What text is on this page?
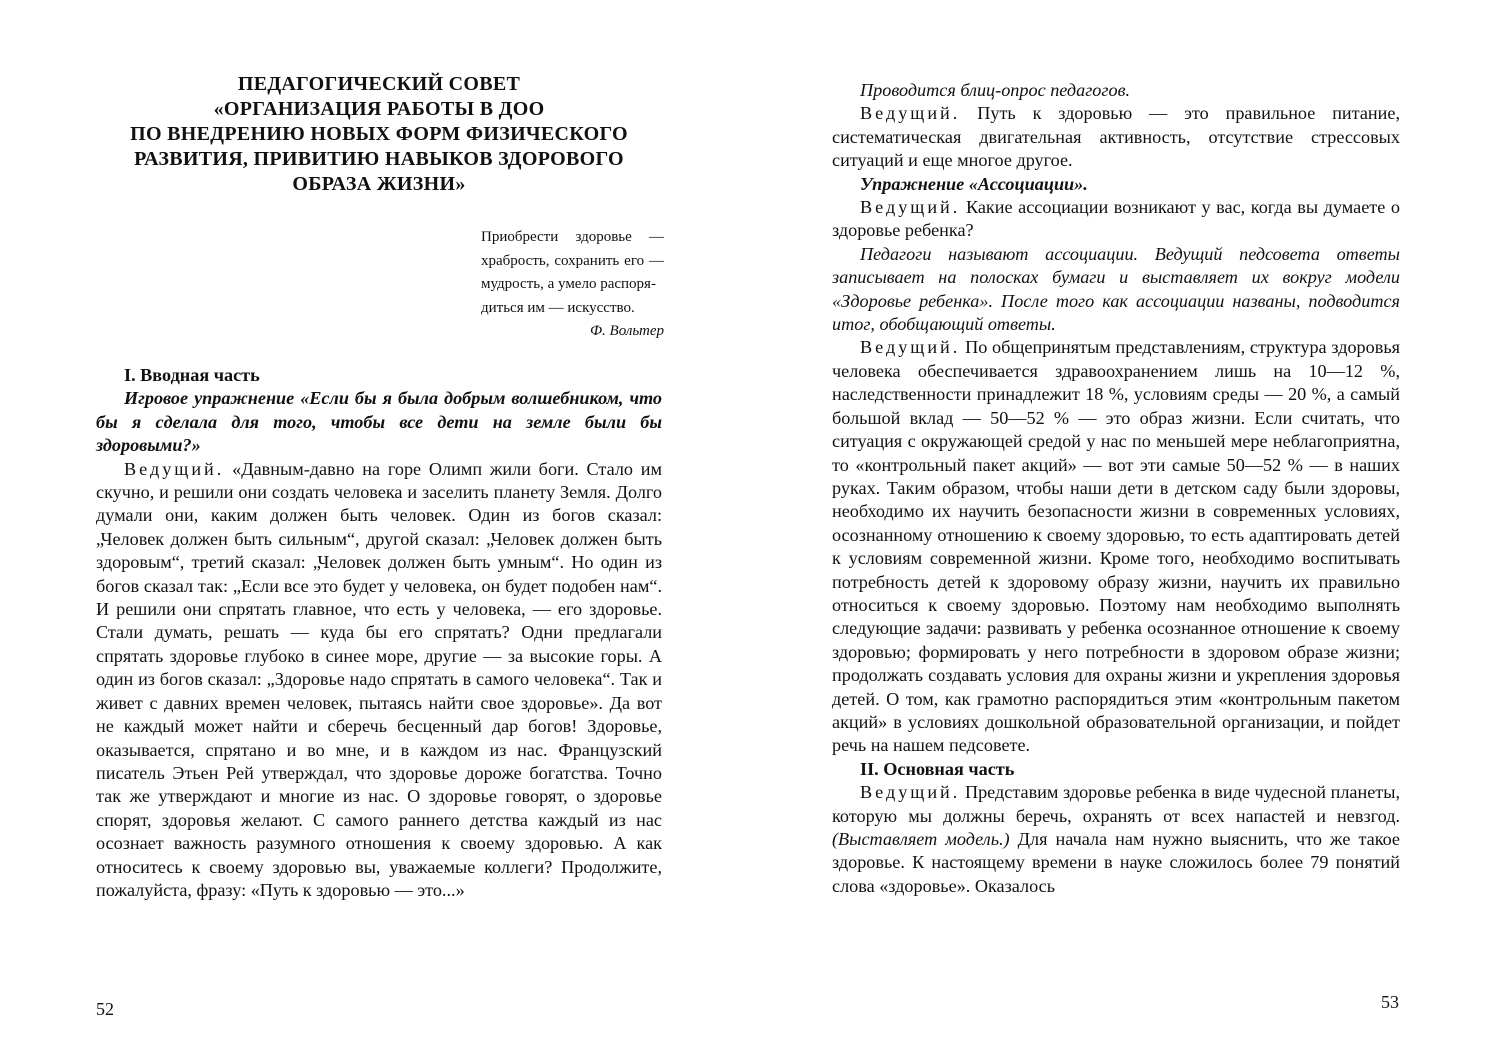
ПЕДАГОГИЧЕСКИЙ СОВЕТ
«ОРГАНИЗАЦИЯ РАБОТЫ В ДОО
ПО ВНЕДРЕНИЮ НОВЫХ ФОРМ ФИЗИЧЕСКОГО
РАЗВИТИЯ, ПРИВИТИЮ НАВЫКОВ ЗДОРОВОГО
ОБРАЗА ЖИЗНИ»
Приобрести здоровье — храбрость, сохранить его — мудрость, а умело распоря-
диться им — искусство.
Ф. Вольтер

I. Вводная часть

Игровое упражнение «Если бы я была добрым волшебником, что бы я сделала для того, чтобы все дети на земле были бы здоровыми?»

Ведущий. «Давным-давно на горе Олимп жили боги. Стало им скучно, и решили они создать человека и заселить планету Земля. Долго думали они, каким должен быть человек. Один из богов сказал: „Человек должен быть сильным“, другой сказал: „Человек должен быть здоровым“, третий сказал: „Человек должен быть умным“. Но один из богов сказал так: „Если все это будет у человека, он будет подобен нам“. И решили они спрятать главное, что есть у человека, — его здоровье. Стали думать, решать — куда бы его спрятать? Одни предлагали спрятать здоровье глубоко в синее море, другие — за высокие горы. А один из богов сказал: „Здоровье надо спрятать в самого человека“. Так и живет с давних времен человек, пытаясь найти свое здоровье». Да вот не каждый может найти и сберечь бесценный дар богов! Здоровье, оказывается, спрятано и во мне, и в каждом из нас. Французский писатель Этьен Рей утверждал, что здоровье дороже богатства. Точно так же утверждают и многие из нас. О здоровье говорят, о здоровье спорят, здоровья желают. С самого раннего детства каждый из нас осознает важность разумного отношения к своему здоровью. А как относитесь к своему здоровью вы, уважаемые коллеги? Продолжите, пожалуйста, фразу: «Путь к здоровью — это...»

52

Проводится блиц-опрос педагогов.

Ведущий. Путь к здоровью — это правильное питание, систематическая двигательная активность, отсутствие стрессовых ситуаций и еще многое другое.

Упражнение «Ассоциации».

Ведущий. Какие ассоциации возникают у вас, когда вы думаете о здоровье ребенка?

Педагоги называют ассоциации. Ведущий педсовета ответы записывает на полосках бумаги и выставляет их вокруг модели «Здоровье ребенка». После того как ассоциации названы, подводится итог, обобщающий ответы.

Ведущий. По общепринятым представлениям, структура здоровья человека обеспечивается здравоохранением лишь на 10—12 %, наследственности принадлежит 18 %, условиям среды — 20 %, а самый большой вклад — 50—52 % — это образ жизни. Если считать, что ситуация с окружающей средой у нас по меньшей мере неблагоприятна, то «контрольный пакет акций» — вот эти самые 50—52 % — в наших руках. Таким образом, чтобы наши дети в детском саду были здоровы, необходимо их научить безопасности жизни в современных условиях, осознанному отношению к своему здоровью, то есть адаптировать детей к условиям современной жизни. Кроме того, необходимо воспитывать потребность детей к здоровому образу жизни, научить их правильно относиться к своему здоровью. Поэтому нам необходимо выполнять следующие задачи: развивать у ребенка осознанное отношение к своему здоровью; формировать у него потребности в здоровом образе жизни; продолжать создавать условия для охраны жизни и укрепления здоровья детей. О том, как грамотно распорядиться этим «контрольным пакетом акций» в условиях дошкольной образовательной организации, и пойдет речь на нашем педсовете.

II. Основная часть

Ведущий. Представим здоровье ребенка в виде чудесной планеты, которую мы должны беречь, охранять от всех напастей и невзгод. (Выставляет модель.) Для начала нам нужно выяснить, что же такое здоровье. К настоящему времени в науке сложилось более 79 понятий слова «здоровье». Оказалось

53
